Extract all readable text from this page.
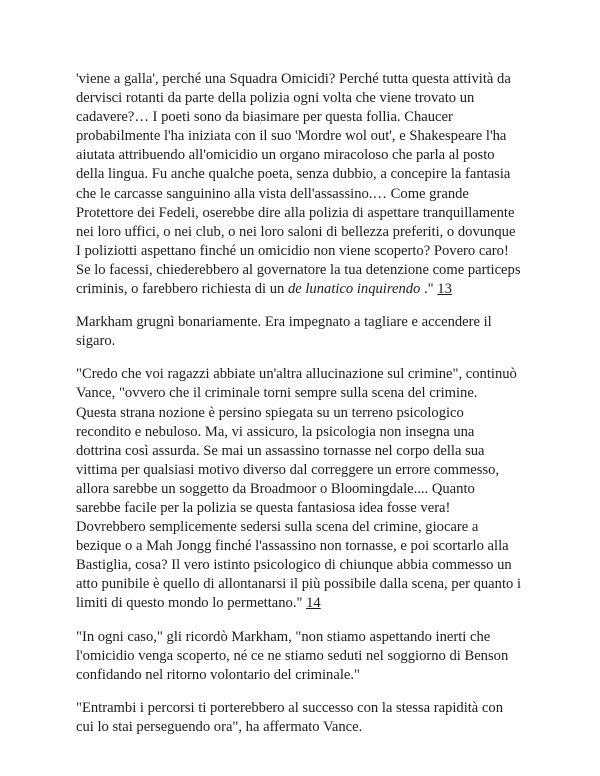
'viene a galla', perché una Squadra Omicidi? Perché tutta questa attività da
dervisci rotanti da parte della polizia ogni volta che viene trovato un
cadavere?… I poeti sono da biasimare per questa follia. Chaucer
probabilmente l'ha iniziata con il suo 'Mordre wol out', e Shakespeare l'ha
aiutata attribuendo all'omicidio un organo miracoloso che parla al posto
della lingua. Fu anche qualche poeta, senza dubbio, a concepire la fantasia
che le carcasse sanguinino alla vista dell'assassino.… Come grande
Protettore dei Fedeli, oserebbe dire alla polizia di aspettare tranquillamente
nei loro uffici, o nei club, o nei loro saloni di bellezza preferiti, o dovunque
I poliziotti aspettano finché un omicidio non viene scoperto? Povero caro!
Se lo facessi, chiederebbero al governatore la tua detenzione come particeps
criminis, o farebbero richiesta di un de lunatico inquirendo ." 13

Markham grugnì bonariamente. Era impegnato a tagliare e accendere il
sigaro.

"Credo che voi ragazzi abbiate un'altra allucinazione sul crimine", continuò
Vance, "ovvero che il criminale torni sempre sulla scena del crimine.
Questa strana nozione è persino spiegata su un terreno psicologico
recondito e nebuloso. Ma, vi assicuro, la psicologia non insegna una
dottrina così assurda. Se mai un assassino tornasse nel corpo della sua
vittima per qualsiasi motivo diverso dal correggere un errore commesso,
allora sarebbe un soggetto da Broadmoor o Bloomingdale.... Quanto
sarebbe facile per la polizia se questa fantasiosa idea fosse vera!
Dovrebbero semplicemente sedersi sulla scena del crimine, giocare a
bezique o a Mah Jongg finché l'assassino non tornasse, e poi scortarlo alla
Bastiglia, cosa? Il vero istinto psicologico di chiunque abbia commesso un
atto punibile è quello di allontanarsi il più possibile dalla scena, per quanto i
limiti di questo mondo lo permettano." 14

"In ogni caso," gli ricordò Markham, "non stiamo aspettando inerti che
l'omicidio venga scoperto, né ce ne stiamo seduti nel soggiorno di Benson
confidando nel ritorno volontario del criminale."

"Entrambi i percorsi ti porterebbero al successo con la stessa rapidità con
cui lo stai perseguendo ora", ha affermato Vance.
